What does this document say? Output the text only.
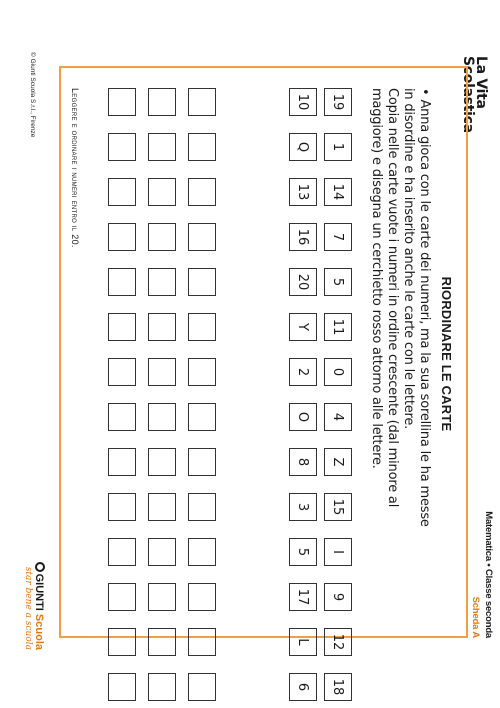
La Vita
Scolastica
Matematica • Classe seconda
Scheda A
RIORDINARE LE CARTE
•Anna gioca con le carte dei numeri, ma la sua sorellina le ha messe
in disordine e ha inserito anche le carte con le lettere.
Copia nelle carte vuote i numeri in ordine crescente (dal minore al
maggiore) e disegna un cerchietto rosso attorno alle lettere.
19
1
14
7
5
11
0
4
Z
15
I
9
12
18
10
Q
13
16
20
Y
2
O
8
3
5
17
L
6
Leggere e ordinare i numeri entro il 20.
© Giunti Scuola S.r.l., Firenze
GIUNTI Scuola
star bene a scuola
